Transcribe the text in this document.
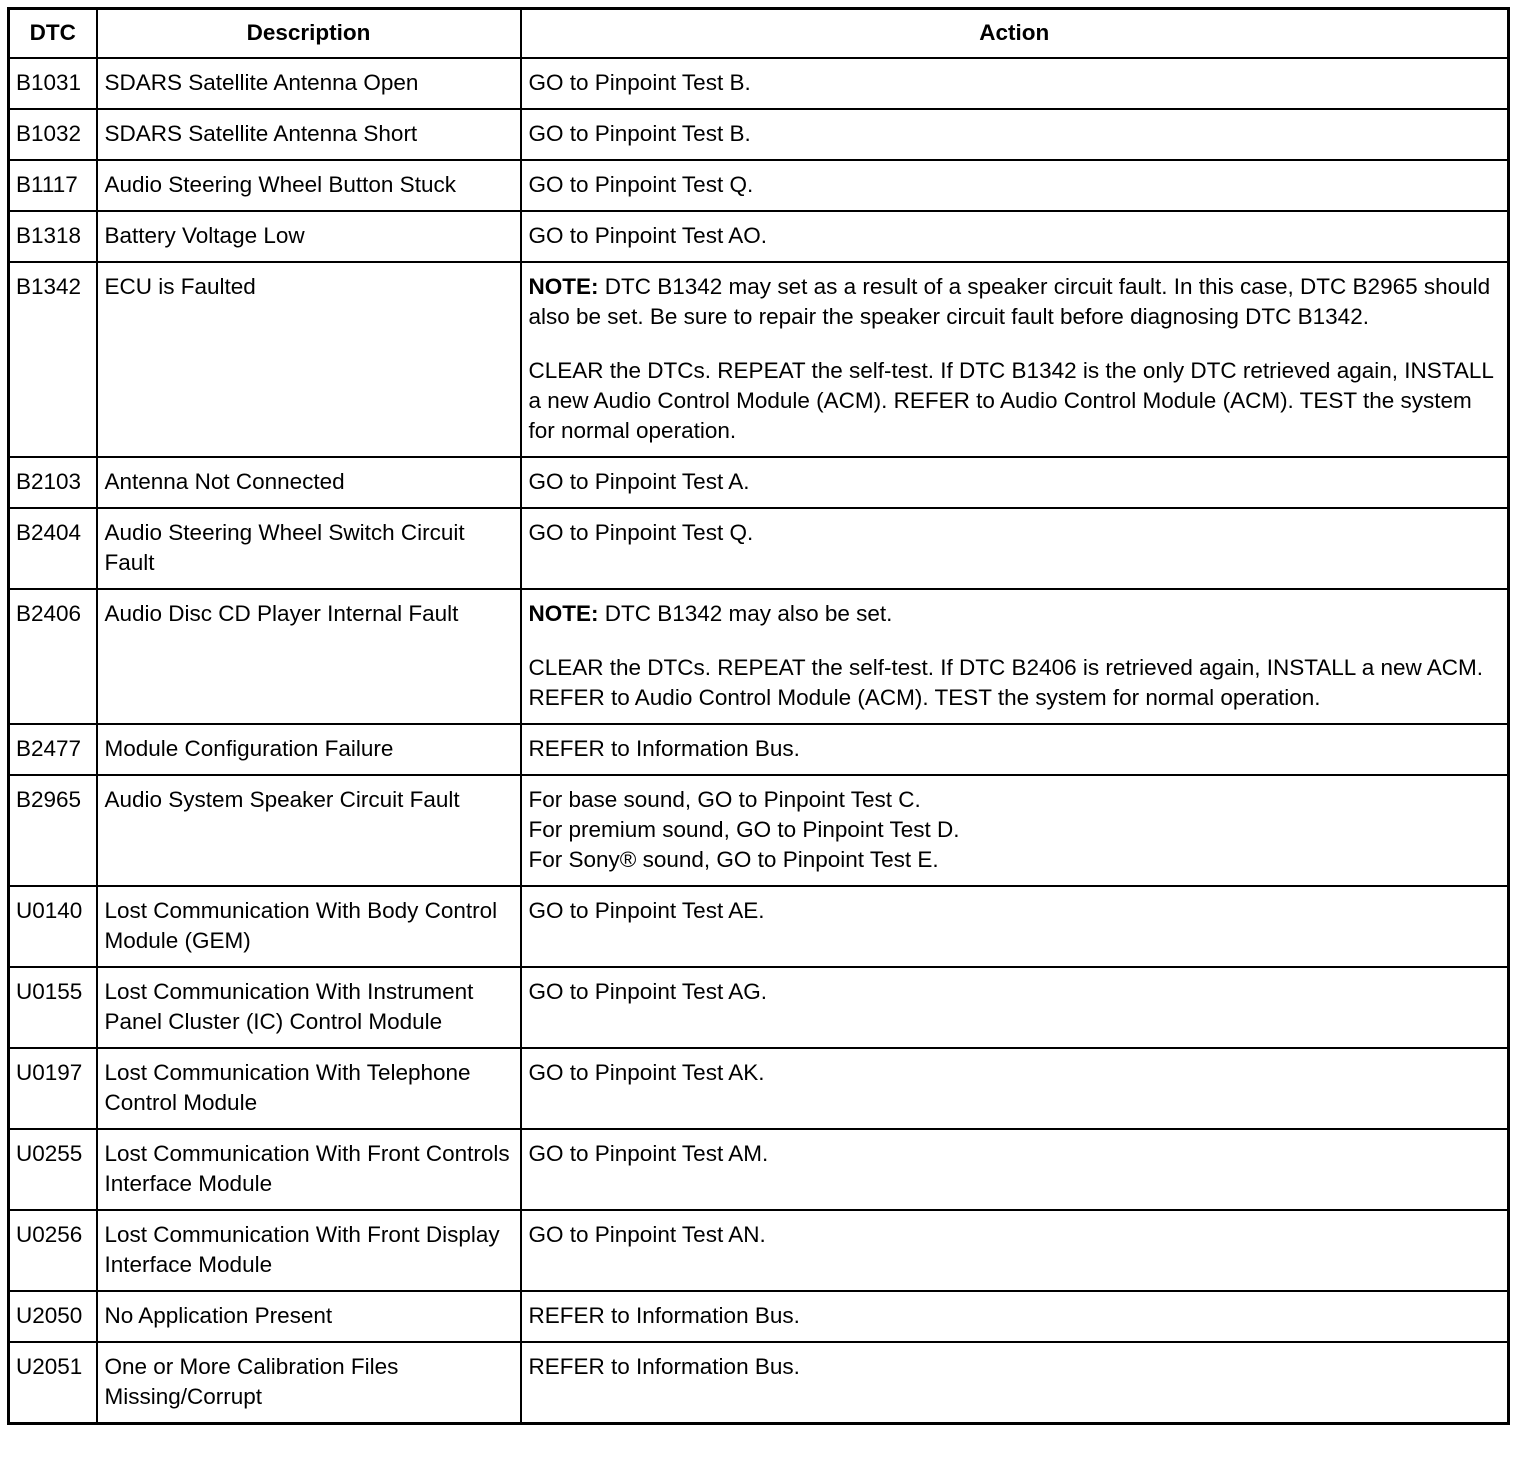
DTC	Description	Action
B1031	SDARS Satellite Antenna Open	GO to Pinpoint Test B.
B1032	SDARS Satellite Antenna Short	GO to Pinpoint Test B.
B1117	Audio Steering Wheel Button Stuck	GO to Pinpoint Test Q.
B1318	Battery Voltage Low	GO to Pinpoint Test AO.
B1342	ECU is Faulted	NOTE: DTC B1342 may set as a result of a speaker circuit fault. In this case, DTC B2965 should also be set. Be sure to repair the speaker circuit fault before diagnosing DTC B1342.
CLEAR the DTCs. REPEAT the self-test. If DTC B1342 is the only DTC retrieved again, INSTALL a new Audio Control Module (ACM). REFER to Audio Control Module (ACM). TEST the system for normal operation.

B2103	Antenna Not Connected	GO to Pinpoint Test A.
B2404	Audio Steering Wheel Switch Circuit Fault	GO to Pinpoint Test Q.
B2406	Audio Disc CD Player Internal Fault	NOTE: DTC B1342 may also be set.
CLEAR the DTCs. REPEAT the self-test. If DTC B2406 is retrieved again, INSTALL a new ACM. REFER to Audio Control Module (ACM). TEST the system for normal operation.

B2477	Module Configuration Failure	REFER to Information Bus.
B2965	Audio System Speaker Circuit Fault	For base sound, GO to Pinpoint Test C.
For premium sound, GO to Pinpoint Test D.
For Sony® sound, GO to Pinpoint Test E.

U0140	Lost Communication With Body Control Module (GEM)	GO to Pinpoint Test AE.
U0155	Lost Communication With Instrument Panel Cluster (IC) Control Module	GO to Pinpoint Test AG.
U0197	Lost Communication With Telephone Control Module	GO to Pinpoint Test AK.
U0255	Lost Communication With Front Controls Interface Module	GO to Pinpoint Test AM.
U0256	Lost Communication With Front Display Interface Module	GO to Pinpoint Test AN.
U2050	No Application Present	REFER to Information Bus.
U2051	One or More Calibration Files Missing/Corrupt	REFER to Information Bus.
